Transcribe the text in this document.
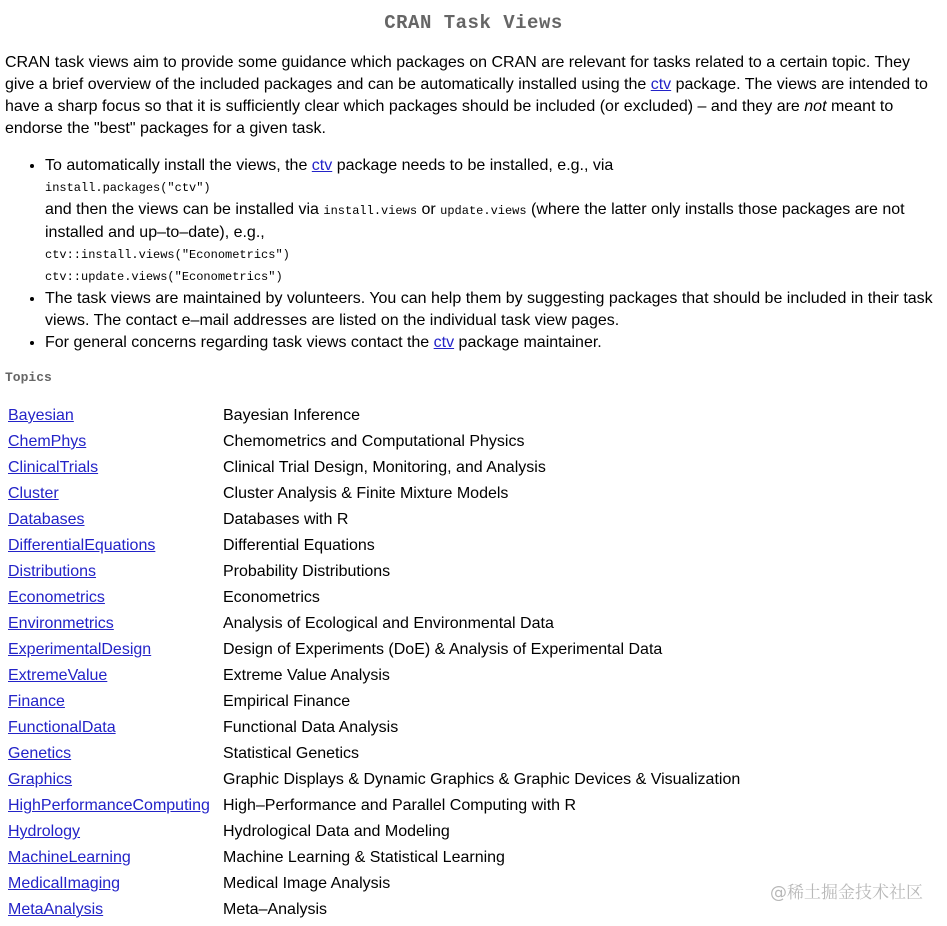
CRAN Task Views

CRAN task views aim to provide some guidance which packages on CRAN are relevant for tasks related to a certain topic. They give a brief overview of the included packages and can be automatically installed using the ctv package. The views are intended to have a sharp focus so that it is sufficiently clear which packages should be included (or excluded) – and they are not meant to endorse the "best" packages for a given task.

• To automatically install the views, the ctv package needs to be installed, e.g., via
install.packages("ctv")
and then the views can be installed via install.views or update.views (where the latter only installs those packages are not installed and up–to–date), e.g.,
ctv::install.views("Econometrics")
ctv::update.views("Econometrics")
• The task views are maintained by volunteers. You can help them by suggesting packages that should be included in their task views. The contact e–mail addresses are listed on the individual task view pages.
• For general concerns regarding task views contact the ctv package maintainer.
Topics
Bayesian	Bayesian Inference
ChemPhys	Chemometrics and Computational Physics
ClinicalTrials	Clinical Trial Design, Monitoring, and Analysis
Cluster	Cluster Analysis & Finite Mixture Models
Databases	Databases with R
DifferentialEquations	Differential Equations
Distributions	Probability Distributions
Econometrics	Econometrics
Environmetrics	Analysis of Ecological and Environmental Data
ExperimentalDesign	Design of Experiments (DoE) & Analysis of Experimental Data
ExtremeValue	Extreme Value Analysis
Finance	Empirical Finance
FunctionalData	Functional Data Analysis
Genetics	Statistical Genetics
Graphics	Graphic Displays & Dynamic Graphics & Graphic Devices & Visualization
HighPerformanceComputing	High–Performance and Parallel Computing with R
Hydrology	Hydrological Data and Modeling
MachineLearning	Machine Learning & Statistical Learning
MedicalImaging	Medical Image Analysis
MetaAnalysis	Meta–Analysis
@稀土掘金技术社区
